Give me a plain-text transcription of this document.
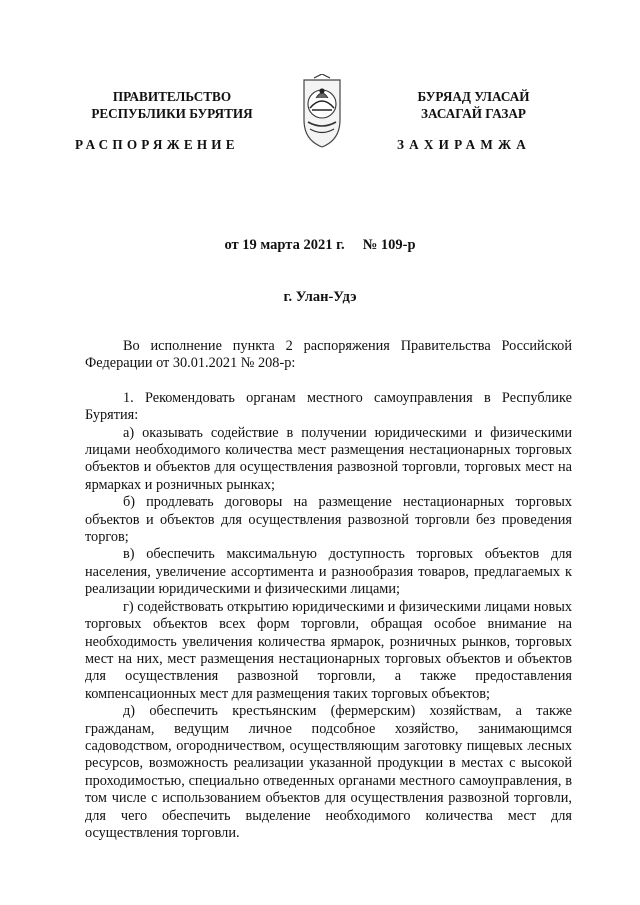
ПРАВИТЕЛЬСТВО
РЕСПУБЛИКИ БУРЯТИЯ
РАСПОРЯЖЕНИЕ
БУРЯАД УЛАСАЙ
ЗАСАГАЙ ГАЗАР
ЗАХИРАМЖА
от 19 марта 2021 г. № 109-р
г. Улан-Удэ

Во исполнение пункта 2 распоряжения Правительства Российской Федерации от 30.01.2021 № 208-р:

1. Рекомендовать органам местного самоуправления в Республике Бурятия:

а) оказывать содействие в получении юридическими и физическими лицами необходимого количества мест размещения нестационарных торговых объектов и объектов для осуществления развозной торговли, торговых мест на ярмарках и розничных рынках;

б) продлевать договоры на размещение нестационарных торговых объектов и объектов для осуществления развозной торговли без проведения торгов;

в) обеспечить максимальную доступность торговых объектов для населения, увеличение ассортимента и разнообразия товаров, предлагаемых к реализации юридическими и физическими лицами;

г) содействовать открытию юридическими и физическими лицами новых торговых объектов всех форм торговли, обращая особое внимание на необходимость увеличения количества ярмарок, розничных рынков, торговых мест на них, мест размещения нестационарных торговых объектов и объектов для осуществления развозной торговли, а также предоставления компенсационных мест для размещения таких торговых объектов;

д) обеспечить крестьянским (фермерским) хозяйствам, а также гражданам, ведущим личное подсобное хозяйство, занимающимся садоводством, огородничеством, осуществляющим заготовку пищевых лесных ресурсов, возможность реализации указанной продукции в местах с высокой проходимостью, специально отведенных органами местного самоуправления, в том числе с использованием объектов для осуществления развозной торговли, для чего обеспечить выделение необходимого количества мест для осуществления торговли.
